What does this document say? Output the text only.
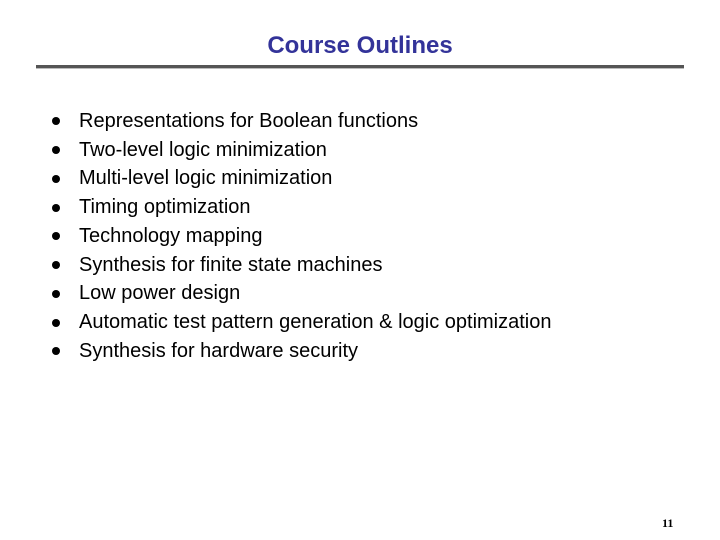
Course Outlines
Representations for Boolean functions
Two-level logic minimization
Multi-level logic minimization
Timing optimization
Technology mapping
Synthesis for finite state machines
Low power design
Automatic test pattern generation & logic optimization
Synthesis for hardware security
11
